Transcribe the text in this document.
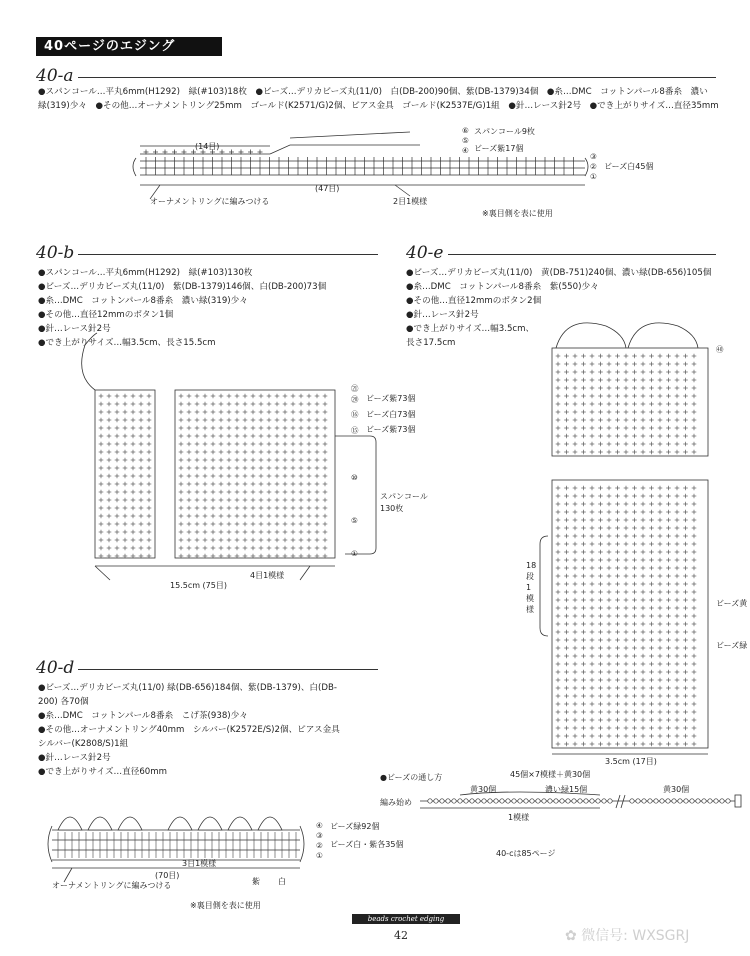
40ページのエジング
40-a
●スパンコール…平丸6mm(H1292)　緑(#103)18枚　●ビーズ…デリカビーズ丸(11/0)　白(DB-200)90個、紫(DB-1379)34個　●糸…DMC　コットンパール8番糸　濃い
緑(319)少々　●その他…オーナメントリング25mm　ゴールド(K2571/G)2個、ピアス金具　ゴールド(K2537E/G)1組　●針…レース針2号　●でき上がりサイズ…直径35mm
⑥
⑤
④
③
②
①
スパンコール9枚
ビーズ紫17個
ビーズ白45個
(14目)
(47目)
オーナメントリングに編みつける	2目1模様
※裏目側を表に使用
40-b
●スパンコール…平丸6mm(H1292)　緑(#103)130枚
●ビーズ…デリカビーズ丸(11/0)　紫(DB-1379)146個、白(DB-200)73個
●糸…DMC　コットンパール8番糸　濃い緑(319)少々
●その他…直径12mmのボタン1個
●針…レース針2号
●でき上がりサイズ…幅3.5cm、長さ15.5cm
㉑
⑳
⑯
⑮
⑩
⑤
①
ビーズ紫73個
ビーズ白73個
ビーズ紫73個
スパンコール
130枚
4目1模様
15.5cm (75目)
40-e
●ビーズ…デリカビーズ丸(11/0)　黄(DB-751)240個、濃い緑(DB-656)105個
●糸…DMC　コットンパール8番糸　紫(550)少々
●その他…直径12mmのボタン2個
●針…レース針2号
●でき上がりサイズ…幅3.5cm、
長さ17.5cm
㊵
18段1模様
ビーズ黄
ビーズ緑
3.5cm (17目)
●ビーズの通し方	45個×7模様＋黄30個
黄30個	濃い緑15個	黄30個
編み始め
1模様
40-cは85ページ
40-d
●ビーズ…デリカビーズ丸(11/0) 緑(DB-656)184個、紫(DB-1379)、白(DB-
200) 各70個
●糸…DMC　コットンパール8番糸　こげ茶(938)少々
●その他…オーナメントリング40mm　シルバー(K2572E/S)2個、ピアス金具
シルバー(K2808/S)1組
●針…レース針2号
●でき上がりサイズ…直径60mm
④
③
②
①
ビーズ緑92個
ビーズ白・紫各35個
3目1模様
(70目)
オーナメントリングに編みつける	紫 白
※裏目側を表に使用
beads crochet edging
42	✿ 微信号: WXSGRJ
